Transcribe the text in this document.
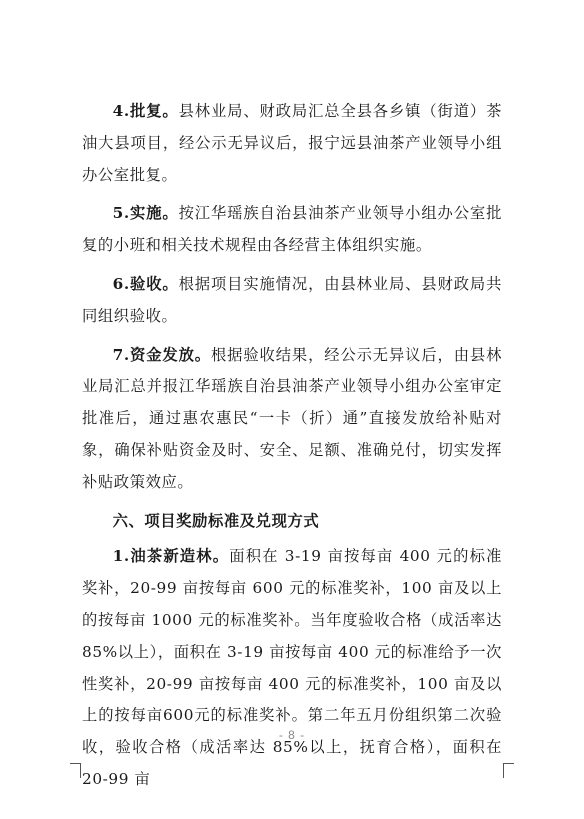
4.批复。县林业局、财政局汇总全县各乡镇（街道）茶油大县项目，经公示无异议后，报宁远县油茶产业领导小组办公室批复。

5.实施。按江华瑶族自治县油茶产业领导小组办公室批复的小班和相关技术规程由各经营主体组织实施。

6.验收。根据项目实施情况，由县林业局、县财政局共同组织验收。

7.资金发放。根据验收结果，经公示无异议后，由县林业局汇总并报江华瑶族自治县油茶产业领导小组办公室审定批准后，通过惠农惠民“一卡（折）通”直接发放给补贴对象，确保补贴资金及时、安全、足额、准确兑付，切实发挥补贴政策效应。

六、项目奖励标准及兑现方式

1.油茶新造林。面积在 3-19 亩按每亩 400 元的标准奖补，20-99 亩按每亩 600 元的标准奖补，100 亩及以上的按每亩 1000 元的标准奖补。当年度验收合格（成活率达 85%以上），面积在 3-19 亩按每亩 400 元的标准给予一次性奖补，20-99 亩按每亩 400 元的标准奖补，100 亩及以上的按每亩600元的标准奖补。第二年五月份组织第二次验收，验收合格（成活率达 85%以上，抚育合格），面积在 20-99 亩

- 8 -
